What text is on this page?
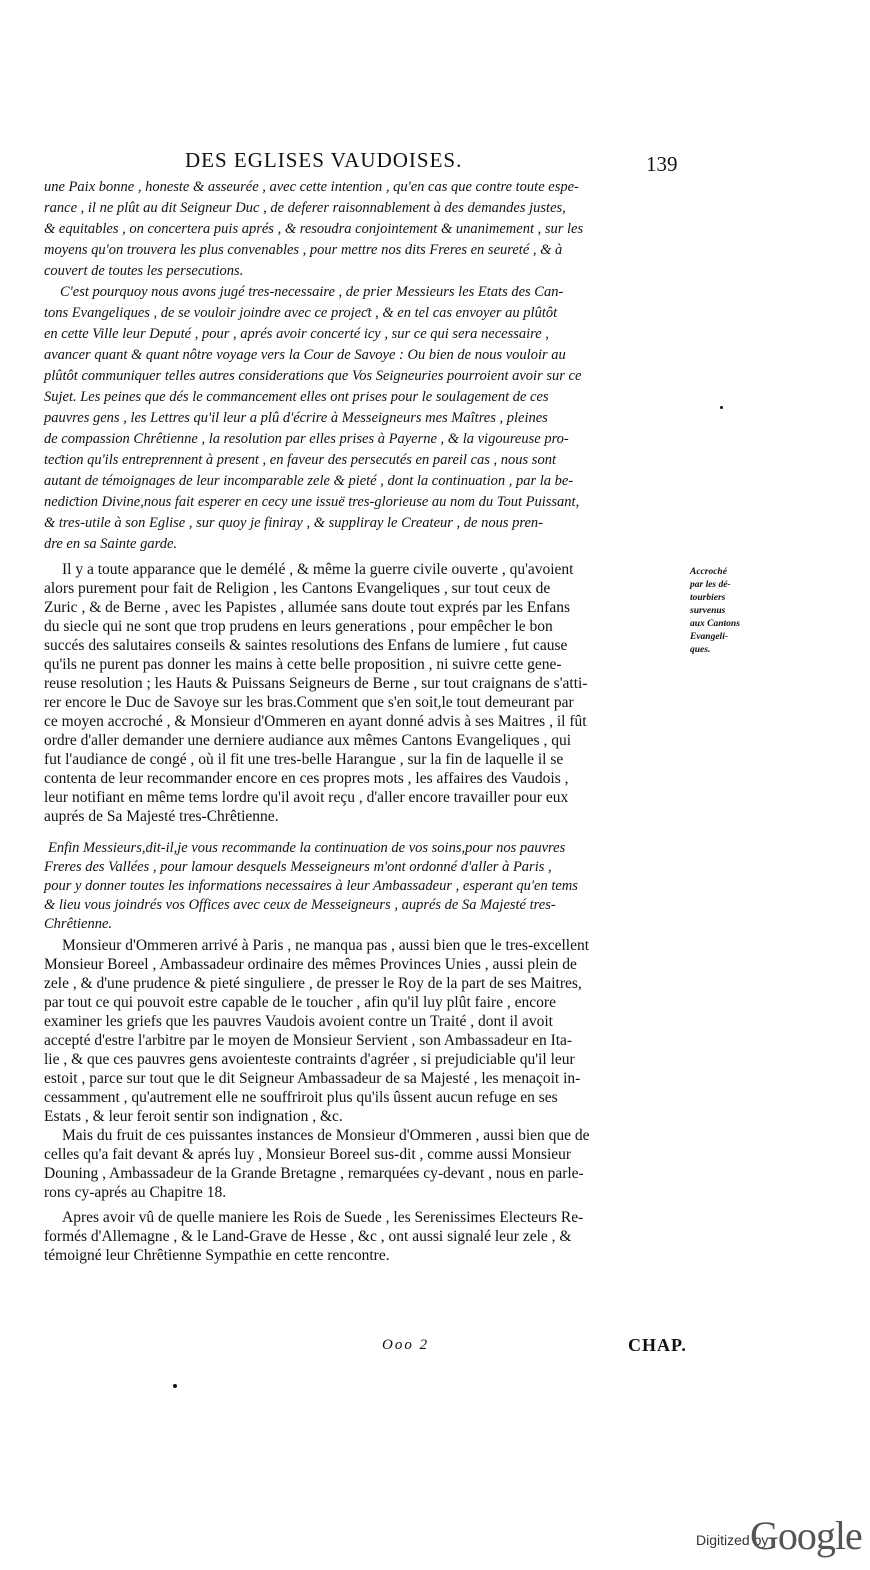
DES EGLISES VAUDOISES.	139
une Paix bonne , honeste & asseurée , avec cette intention , qu'en cas que contre toute espe-
rance , il ne plût au dit Seigneur Duc , de deferer raisonnablement à des demandes justes,
& equitables , on concertera puis aprés , & resoudra conjointement & unanimement , sur les
moyens qu'on trouvera les plus convenables , pour mettre nos dits Freres en seureté , & à
couvert de toutes les persecutions.
C'est pourquoy nous avons jugé tres-necessaire , de prier Messieurs les Etats des Can-
tons Evangeliques , de se vouloir joindre avec ce projeƈt , & en tel cas envoyer au plûtôt
en cette Ville leur Deputé , pour , aprés avoir concerté icy , sur ce qui sera necessaire ,
avancer quant & quant nôtre voyage vers la Cour de Savoye : Ou bien de nous vouloir au
plûtôt communiquer telles autres considerations que Vos Seigneuries pourroient avoir sur ce
Sujet. Les peines que dés le commancement elles ont prises pour le soulagement de ces
pauvres gens , les Lettres qu'il leur a plû d'écrire à Messeigneurs mes Maîtres , pleines
de compassion Chrêtienne , la resolution par elles prises à Payerne , & la vigoureuse pro-
teƈtion qu'ils entreprennent à present , en faveur des persecutés en pareil cas , nous sont
autant de témoignages de leur incomparable zele & pieté , dont la continuation , par la be-
nediƈtion Divine,nous fait esperer en cecy une issuë tres-glorieuse au nom du Tout Puissant,
& tres-utile à son Eglise , sur quoy je finiray , & suppliray le Createur , de nous pren-
dre en sa Sainte garde.
Il y a toute apparance que le demélé , & même la guerre civile ouverte , qu'avoient
alors purement pour fait de Religion , les Cantons Evangeliques , sur tout ceux de
Zuric , & de Berne , avec les Papistes , allumée sans doute tout exprés par les Enfans
du siecle qui ne sont que trop prudens en leurs generations , pour empêcher le bon
succés des salutaires conseils & saintes resolutions des Enfans de lumiere , fut cause
qu'ils ne purent pas donner les mains à cette belle proposition , ni suivre cette gene-
reuse resolution ; les Hauts & Puissans Seigneurs de Berne , sur tout craignans de s'atti-
rer encore le Duc de Savoye sur les bras.Comment que s'en soit,le tout demeurant par
ce moyen accroché , & Monsieur d'Ommeren en ayant donné advis à ses Maitres , il fût
ordre d'aller demander une derniere audiance aux mêmes Cantons Evangeliques , qui
fut l'audiance de congé , où il fit une tres-belle Harangue , sur la fin de laquelle il se
contenta de leur recommander encore en ces propres mots , les affaires des Vaudois ,
leur notifiant en même tems lordre qu'il avoit reçu , d'aller encore travailler pour eux
auprés de Sa Majesté tres-Chrêtienne.
Accroché
par les dé-
tourbiers
survenus
aux Cantons
Evangeli-
ques.
Enfin Messieurs,dit-il,je vous recommande la continuation de vos soins,pour nos pauvres
Freres des Vallées , pour lamour desquels Messeigneurs m'ont ordonné d'aller à Paris ,
pour y donner toutes les informations necessaires à leur Ambassadeur , esperant qu'en tems
& lieu vous joindrés vos Offices avec ceux de Messeigneurs , auprés de Sa Majesté tres-
Chrêtienne.
Monsieur d'Ommeren arrivé à Paris , ne manqua pas , aussi bien que le tres-excellent
Monsieur Boreel , Ambassadeur ordinaire des mêmes Provinces Unies , aussi plein de
zele , & d'une prudence & pieté singuliere , de presser le Roy de la part de ses Maitres,
par tout ce qui pouvoit estre capable de le toucher , afin qu'il luy plût faire , encore
examiner les griefs que les pauvres Vaudois avoient contre un Traité , dont il avoit
accepté d'estre l'arbitre par le moyen de Monsieur Servient , son Ambassadeur en Ita-
lie , & que ces pauvres gens avoienteste contraints d'agréer , si prejudiciable qu'il leur
estoit , parce sur tout que le dit Seigneur Ambassadeur de sa Majesté , les menaçoit in-
cessamment , qu'autrement elle ne souffriroit plus qu'ils ûssent aucun refuge en ses
Estats , & leur feroit sentir son indignation , &c.
Mais du fruit de ces puissantes instances de Monsieur d'Ommeren , aussi bien que de
celles qu'a fait devant & aprés luy , Monsieur Boreel sus-dit , comme aussi Monsieur
Douning , Ambassadeur de la Grande Bretagne , remarquées cy-devant , nous en parle-
rons cy-aprés au Chapitre 18.
Apres avoir vû de quelle maniere les Rois de Suede , les Serenissimes Electeurs Re-
formés d'Allemagne , & le Land-Grave de Hesse , &c , ont aussi signalé leur zele , &
témoigné leur Chrêtienne Sympathie en cette rencontre.
Ooo 2	CHAP.
Digitized by
Google
